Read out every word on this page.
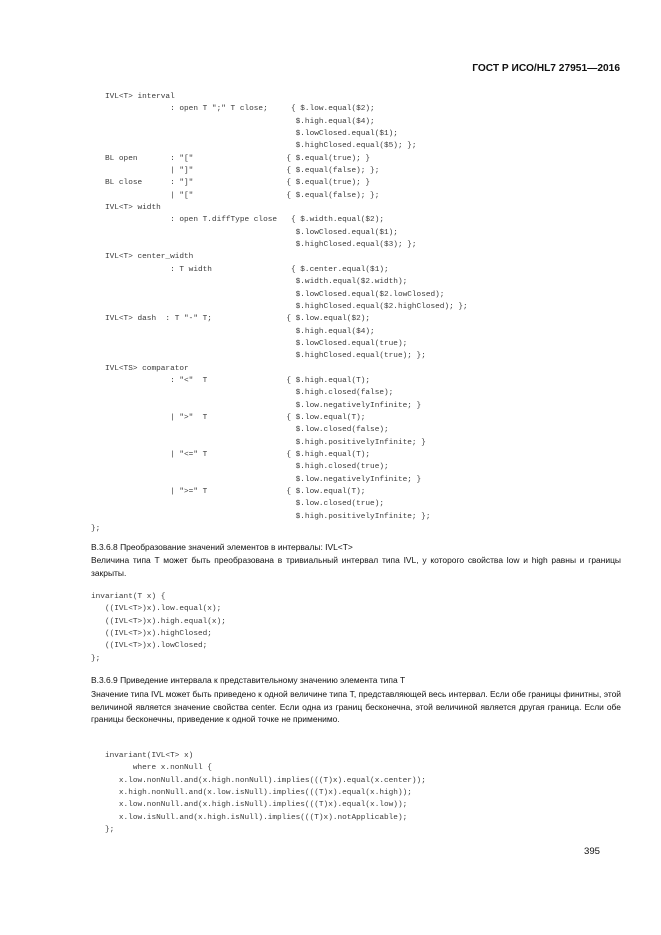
ГОСТ Р ИСО/HL7 27951—2016
IVL<T> interval
: open T ";" T close;     { $.low.equal($2);
$.high.equal($4);
$.lowClosed.equal($1);
$.highClosed.equal($5); };
BL open       : "["                    { $.equal(true); }
| "]"                    { $.equal(false); };
BL close      : "]"                    { $.equal(true); }
| "["                    { $.equal(false); };
IVL<T> width
: open T.diffType close   { $.width.equal($2);
$.lowClosed.equal($1);
$.highClosed.equal($3); };
IVL<T> center_width
: T width                 { $.center.equal($1);
$.width.equal($2.width);
$.lowClosed.equal($2.lowClosed);
$.highClosed.equal($2.highClosed); };
IVL<T> dash  : T "-" T;                { $.low.equal($2);
$.high.equal($4);
$.lowClosed.equal(true);
$.highClosed.equal(true); };
IVL<TS> comparator
: "<"  T                 { $.high.equal(T);
$.high.closed(false);
$.low.negativelyInfinite; }
| ">"  T                 { $.low.equal(T);
$.low.closed(false);
$.high.positivelyInfinite; }
| "<=" T                 { $.high.equal(T);
$.high.closed(true);
$.low.negativelyInfinite; }
| ">=" T                 { $.low.equal(T);
$.low.closed(true);
$.high.positivelyInfinite; };
};
B.3.6.8 Преобразование значений элементов в интервалы: IVL<T>
Величина типа T может быть преобразована в тривиальный интервал типа IVL, у которого свойства low и high равны и границы закрыты.
invariant(T x) {
((IVL<T>)x).low.equal(x);
((IVL<T>)x).high.equal(x);
((IVL<T>)x).highClosed;
((IVL<T>)x).lowClosed;
};
B.3.6.9 Приведение интервала к представительному значению элемента типа T
Значение типа IVL может быть приведено к одной величине типа T, представляющей весь интервал. Если обе границы финитны, этой величиной является значение свойства center. Если одна из границ бесконечна, этой величиной является другая граница. Если обе границы бесконечны, приведение к одной точке не применимо.
invariant(IVL<T> x)
where x.nonNull {
x.low.nonNull.and(x.high.nonNull).implies(((T)x).equal(x.center));
x.high.nonNull.and(x.low.isNull).implies(((T)x).equal(x.high));
x.low.nonNull.and(x.high.isNull).implies(((T)x).equal(x.low));
x.low.isNull.and(x.high.isNull).implies(((T)x).notApplicable);
};
395
